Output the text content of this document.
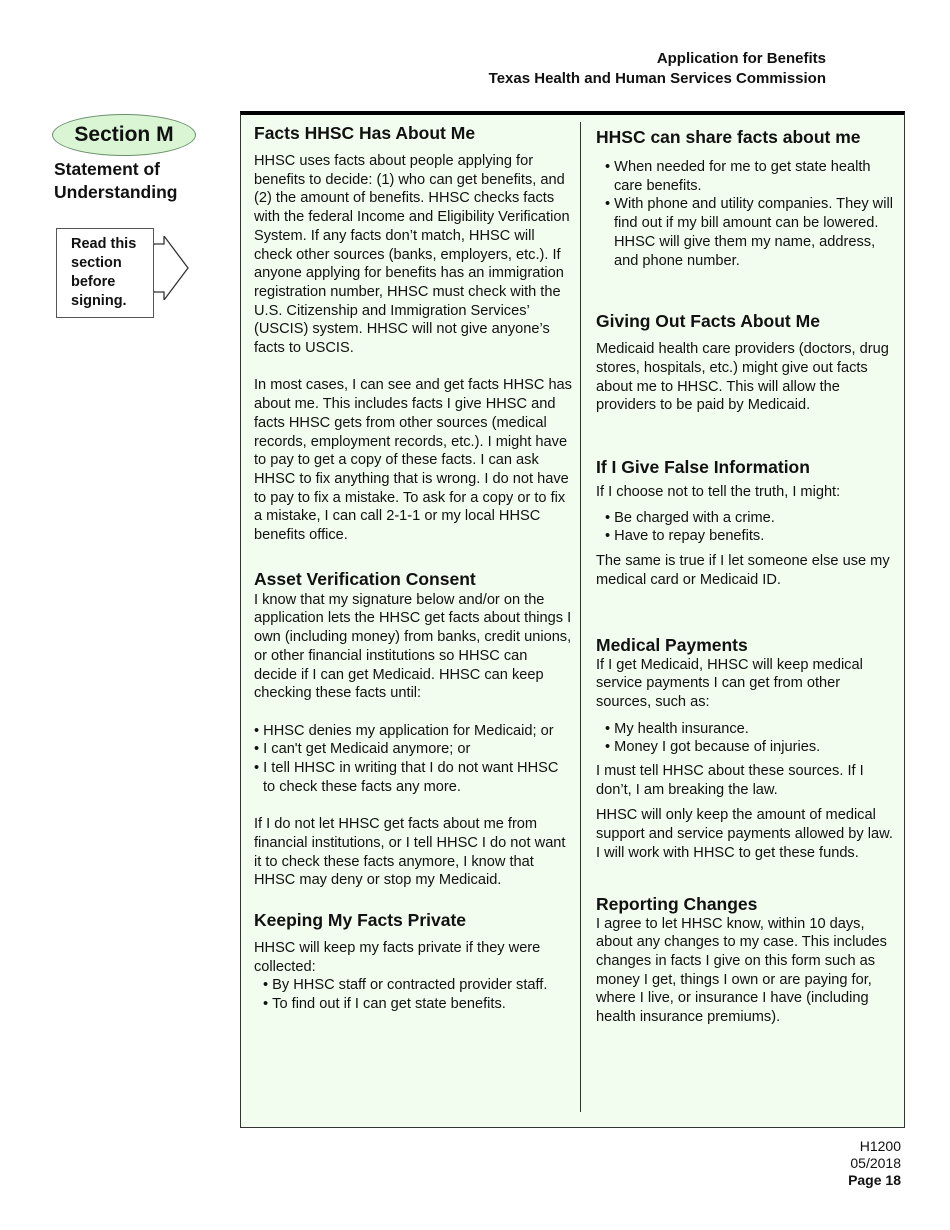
Application for Benefits
Texas Health and Human Services Commission
Section M
Statement of
Understanding
Read this
section
before
signing.
Facts HHSC Has About Me

HHSC uses facts about people applying for benefits to decide: (1) who can get benefits, and (2) the amount of benefits. HHSC checks facts with the federal Income and Eligibility Verification System. If any facts don’t match, HHSC will check other sources (banks, employers, etc.). If anyone applying for benefits has an immigration registration number, HHSC must check with the U.S. Citizenship and Immigration Services’ (USCIS) system. HHSC will not give anyone’s facts to USCIS.

In most cases, I can see and get facts HHSC has about me. This includes facts I give HHSC and facts HHSC gets from other sources (medical records, employment records, etc.). I might have to pay to get a copy of these facts. I can ask HHSC to fix anything that is wrong. I do not have to pay to fix a mistake. To ask for a copy or to fix a mistake, I can call 2-1-1 or my local HHSC benefits office.

Asset Verification Consent

I know that my signature below and/or on the application lets the HHSC get facts about things I own (including money) from banks, credit unions, or other financial institutions so HHSC can decide if I can get Medicaid. HHSC can keep checking these facts until:

• HHSC denies my application for Medicaid; or
• I can't get Medicaid anymore; or
• I tell HHSC in writing that I do not want HHSC to check these facts any more.

If I do not let HHSC get facts about me from financial institutions, or I tell HHSC I do not want it to check these facts anymore, I know that HHSC may deny or stop my Medicaid.

Keeping My Facts Private

HHSC will keep my facts private if they were collected:

• By HHSC staff or contracted provider staff.
• To find out if I can get state benefits.
HHSC can share facts about me
• When needed for me to get state health care benefits.
• With phone and utility companies. They will find out if my bill amount can be lowered. HHSC will give them my name, address, and phone number.
Giving Out Facts About Me

Medicaid health care providers (doctors, drug stores, hospitals, etc.) might give out facts about me to HHSC. This will allow the providers to be paid by Medicaid.

If I Give False Information

If I choose not to tell the truth, I might:

• Be charged with a crime.
• Have to repay benefits.

The same is true if I let someone else use my medical card or Medicaid ID.

Medical Payments

If I get Medicaid, HHSC will keep medical service payments I can get from other sources, such as:

• My health insurance.
• Money I got because of injuries.

I must tell HHSC about these sources. If I don’t, I am breaking the law.

HHSC will only keep the amount of medical support and service payments allowed by law. I will work with HHSC to get these funds.

Reporting Changes

I agree to let HHSC know, within 10 days, about any changes to my case. This includes changes in facts I give on this form such as money I get, things I own or are paying for, where I live, or insurance I have (including health insurance premiums).

H1200
05/2018
Page 18
